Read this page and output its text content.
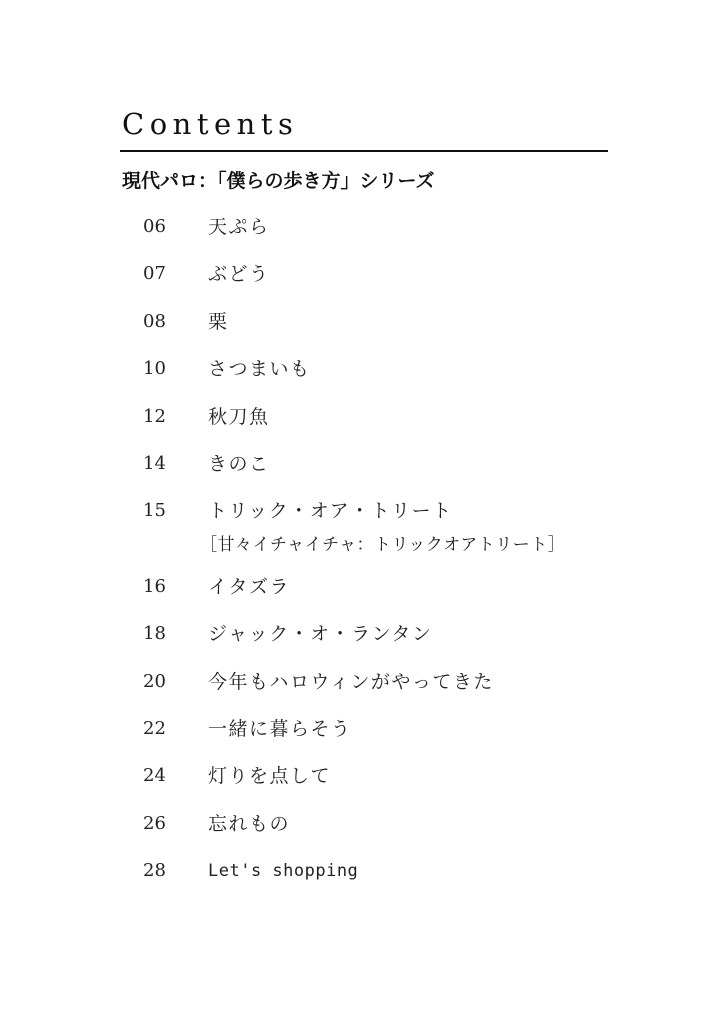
Contents
現代パロ：「僕らの歩き方」シリーズ
06 天ぷら
07 ぶどう
08 栗
10 さつまいも
12 秋刀魚
14 きのこ
15 トリック・オア・トリート
16 イタズラ
18 ジャック・オ・ランタン
20 今年もハロウィンがやってきた
22 一緒に暮らそう
24 灯りを点して
26 忘れもの
28 Let's shopping
［甘々イチャイチャ：トリックオアトリート］
